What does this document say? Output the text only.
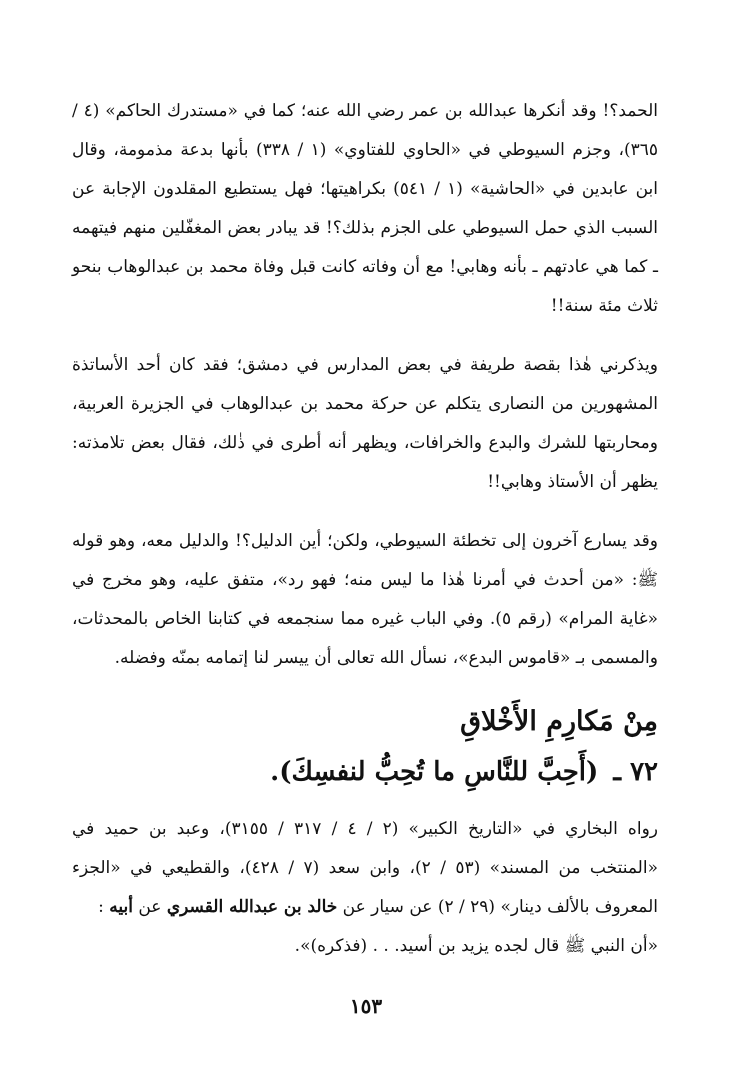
الحمد؟! وقد أنكرها عبدالله بن عمر رضي الله عنه؛ كما في «مستدرك الحاكم» (٤ / ٣٦٥)، وجزم السيوطي في «الحاوي للفتاوي» (١ / ٣٣٨) بأنها بدعة مذمومة، وقال ابن عابدين في «الحاشية» (١ / ٥٤١) بكراهيتها؛ فهل يستطيع المقلدون الإجابة عن السبب الذي حمل السيوطي على الجزم بذلك؟! قد يبادر بعض المغفّلين منهم فيتهمه ـ كما هي عادتهم ـ بأنه وهابي! مع أن وفاته كانت قبل وفاة محمد بن عبدالوهاب بنحو ثلاث مئة سنة!!

ويذكرني هٰذا بقصة طريفة في بعض المدارس في دمشق؛ فقد كان أحد الأساتذة المشهورين من النصارى يتكلم عن حركة محمد بن عبدالوهاب في الجزيرة العربية، ومحاربتها للشرك والبدع والخرافات، ويظهر أنه أطرى في ذٰلك، فقال بعض تلامذته: يظهر أن الأستاذ وهابي!!

وقد يسارع آخرون إلى تخطئة السيوطي، ولكن؛ أين الدليل؟! والدليل معه، وهو قوله ﷺ: «من أحدث في أمرنا هٰذا ما ليس منه؛ فهو رد»، متفق عليه، وهو مخرج في «غاية المرام» (رقم ٥). وفي الباب غيره مما سنجمعه في كتابنا الخاص بالمحدثات، والمسمى بـ «قاموس البدع»، نسأل الله تعالى أن ييسر لنا إتمامه بمنّه وفضله.

مِنْ مَكارِمِ الأَخْلاقِ
٧٢ ـ (أَحِبَّ للنَّاسِ ما تُحِبُّ لنفسِكَ).

رواه البخاري في «التاريخ الكبير» (٢ / ٤ / ٣١٧ / ٣١٥٥)، وعبد بن حميد في «المنتخب من المسند» (٥٣ / ٢)، وابن سعد (٧ / ٤٢٨)، والقطيعي في «الجزء المعروف بالألف دينار» (٢٩ / ٢) عن سيار عن خالد بن عبدالله القسري عن أبيه :

«أن النبي ﷺ قال لجده يزيد بن أسيد. . . (فذكره)».

١٥٣
